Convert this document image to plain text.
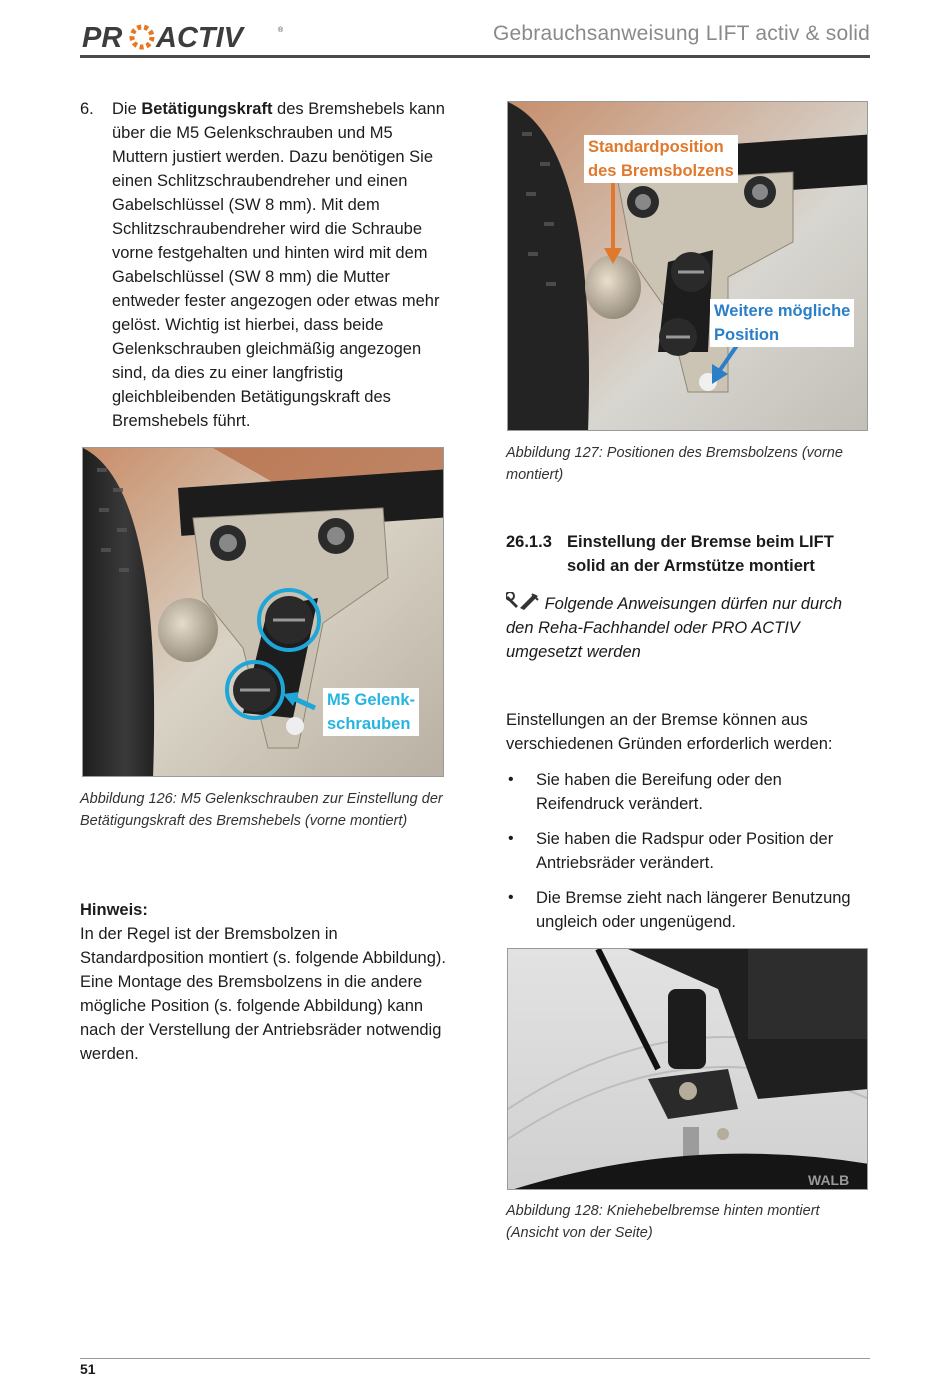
PR ACTIV	®	Gebrauchsanweisung LIFT activ & solid
6. Die Betätigungskraft des Bremshebels kann über die M5 Gelenkschrauben und M5 Muttern justiert werden. Dazu benötigen Sie einen Schlitzschraubendreher und einen Gabelschlüssel (SW 8 mm). Mit dem Schlitzschraubendreher wird die Schraube vorne festgehalten und hinten wird mit dem Gabelschlüssel (SW 8 mm) die Mutter entweder fester angezogen oder etwas mehr gelöst. Wichtig ist hierbei, dass beide Gelenkschrauben gleichmäßig angezogen sind, da dies zu einer langfristig gleichbleibenden Betätigungskraft des Bremshebels führt.
M5 Gelenk-
schrauben
Abbildung 126: M5 Gelenkschrauben zur Einstellung der Betätigungskraft des Bremshebels (vorne montiert)
Hinweis:
In der Regel ist der Bremsbolzen in Standardposition montiert (s. folgende Abbildung). Eine Montage des Bremsbolzens in die andere mögliche Position (s. folgende Abbildung) kann nach der Verstellung der Antriebsräder notwendig werden.
Standardposition
des Bremsbolzens
Weitere mögliche
Position
Abbildung 127: Positionen des Bremsbolzens (vorne montiert)
26.1.3 Einstellung der Bremse beim LIFT solid an der Armstütze montiert
Folgende Anweisungen dürfen nur durch den Reha-Fachhandel oder PRO ACTIV umgesetzt werden
Einstellungen an der Bremse können aus verschiedenen Gründen erforderlich werden:
• Sie haben die Bereifung oder den Reifendruck verändert.
• Sie haben die Radspur oder Position der Antriebsräder verändert.
• Die Bremse zieht nach längerer Benutzung ungleich oder ungenügend.
WALB
Abbildung 128: Kniehebelbremse hinten montiert (Ansicht von der Seite)
51
